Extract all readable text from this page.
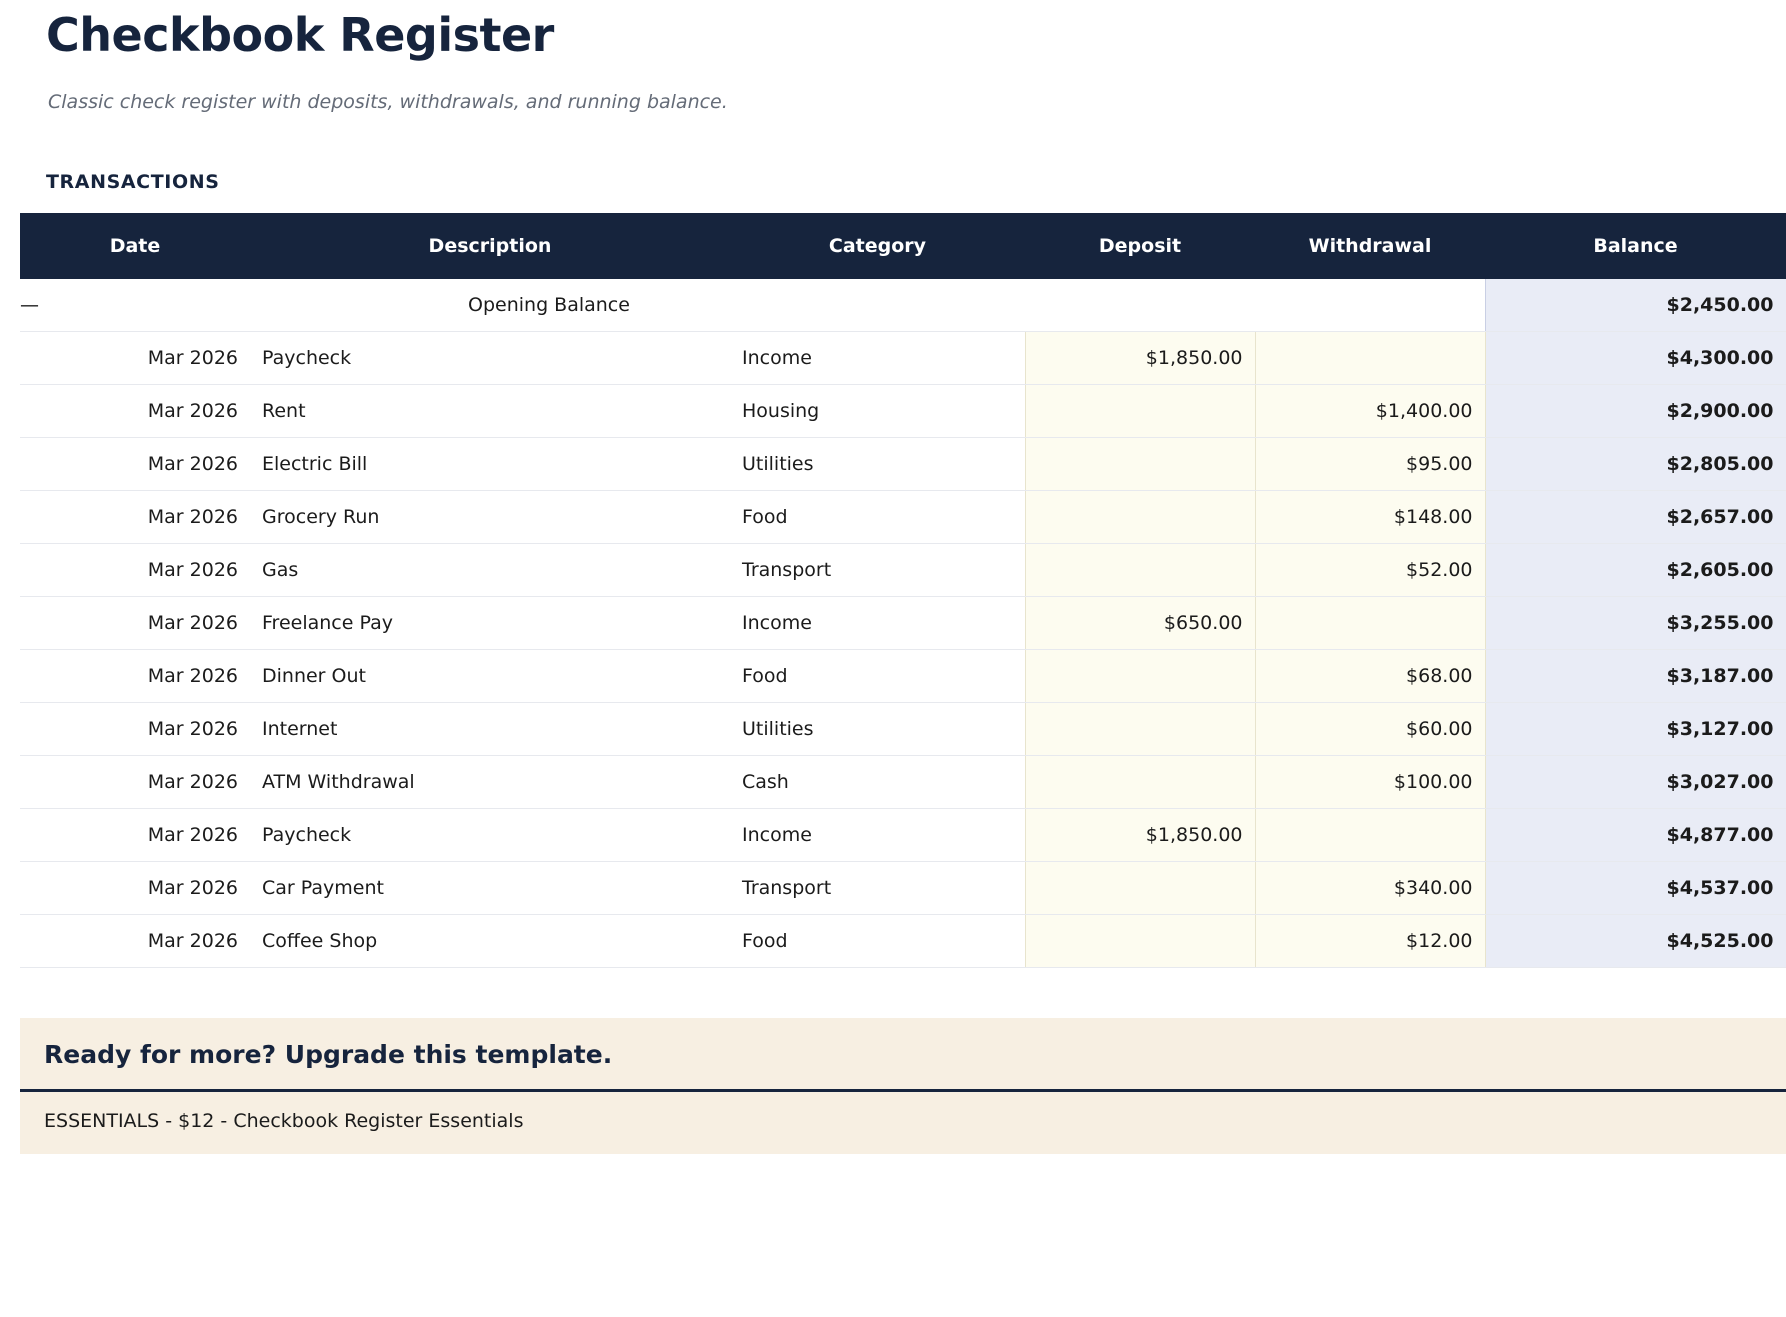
Checkbook Register
Classic check register with deposits, withdrawals, and running balance.
TRANSACTIONS
Date	Description	Category	Deposit	Withdrawal	Balance
—	Opening Balance				$2,450.00
Mar 2026	Paycheck	Income	$1,850.00		$4,300.00
Mar 2026	Rent	Housing		$1,400.00	$2,900.00
Mar 2026	Electric Bill	Utilities		$95.00	$2,805.00
Mar 2026	Grocery Run	Food		$148.00	$2,657.00
Mar 2026	Gas	Transport		$52.00	$2,605.00
Mar 2026	Freelance Pay	Income	$650.00		$3,255.00
Mar 2026	Dinner Out	Food		$68.00	$3,187.00
Mar 2026	Internet	Utilities		$60.00	$3,127.00
Mar 2026	ATM Withdrawal	Cash		$100.00	$3,027.00
Mar 2026	Paycheck	Income	$1,850.00		$4,877.00
Mar 2026	Car Payment	Transport		$340.00	$4,537.00
Mar 2026	Coffee Shop	Food		$12.00	$4,525.00
Ready for more? Upgrade this template.
ESSENTIALS - $12 - Checkbook Register Essentials
